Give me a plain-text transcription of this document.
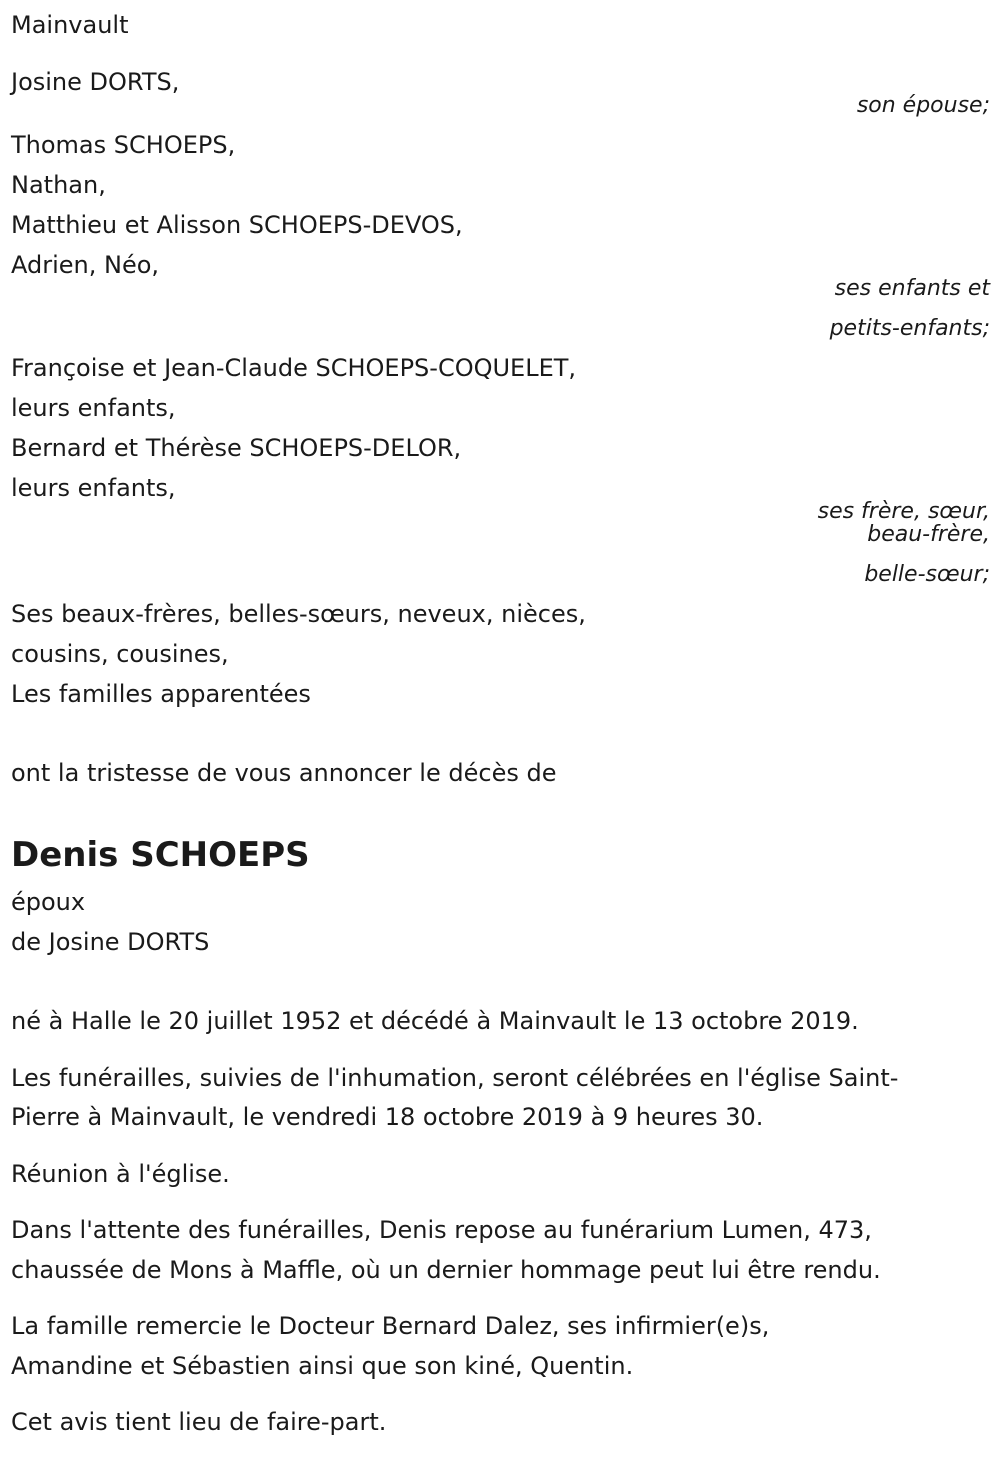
Mainvault
Josine DORTS,
son épouse;
Thomas SCHOEPS,
Nathan,
Matthieu et Alisson SCHOEPS-DEVOS,
Adrien, Néo,
ses enfants et
petits-enfants;
Françoise et Jean-Claude SCHOEPS-COQUELET,
leurs enfants,
Bernard et Thérèse SCHOEPS-DELOR,
leurs enfants,
ses frère, sœur,
beau-frère,
belle-sœur;
Ses beaux-frères, belles-sœurs, neveux, nièces,
cousins, cousines,
Les familles apparentées
ont la tristesse de vous annoncer le décès de
Denis SCHOEPS
époux
de Josine DORTS
né à Halle le 20 juillet 1952 et décédé à Mainvault le 13 octobre 2019.
Les funérailles, suivies de l'inhumation, seront célébrées en l'église Saint-
Pierre à Mainvault, le vendredi 18 octobre 2019 à 9 heures 30.
Réunion à l'église.
Dans l'attente des funérailles, Denis repose au funérarium Lumen, 473,
chaussée de Mons à Maffle, où un dernier hommage peut lui être rendu.
La famille remercie le Docteur Bernard Dalez, ses infirmier(e)s,
Amandine et Sébastien ainsi que son kiné, Quentin.
Cet avis tient lieu de faire-part.
